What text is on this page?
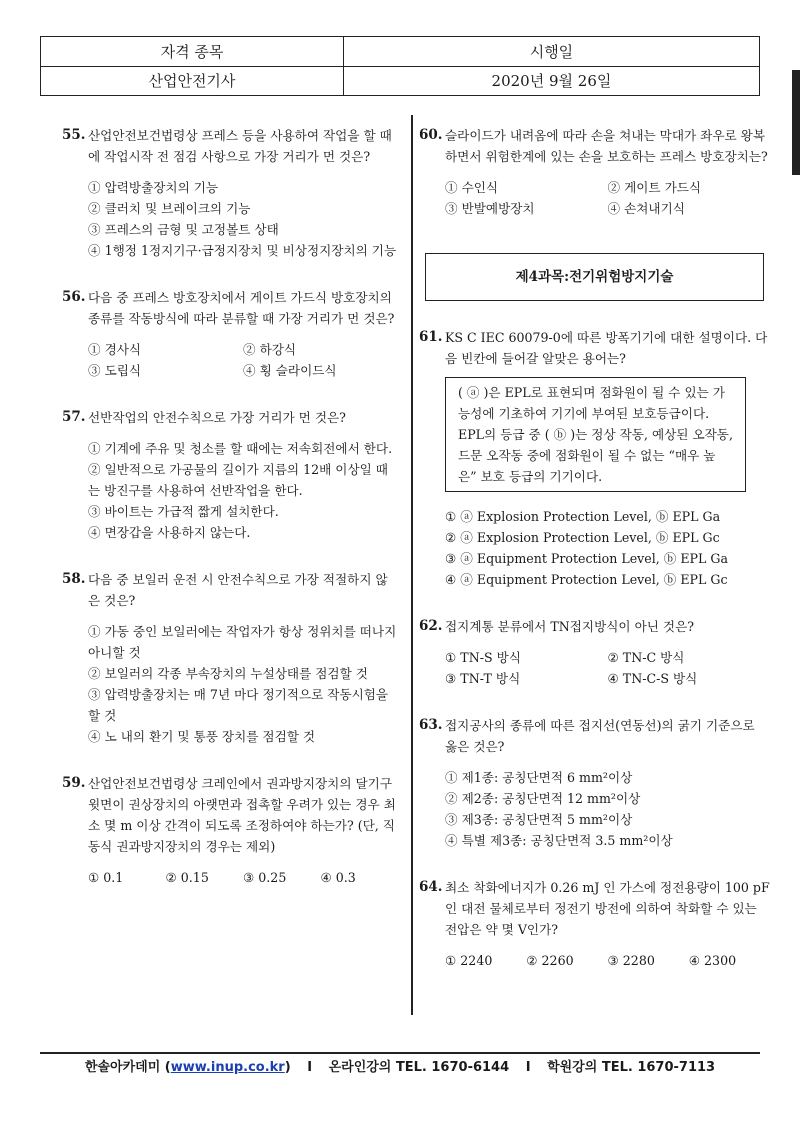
자격 종목	시행일
산업안전기사	2020년 9월 26일
55. 산업안전보건법령상 프레스 등을 사용하여 작업을 할 때에 작업시작 전 점검 사항으로 가장 거리가 먼 것은?
① 압력방출장치의 기능
② 클러치 및 브레이크의 기능
③ 프레스의 금형 및 고정볼트 상태
④ 1행정 1정지기구·급정지장치 및 비상정지장치의 기능
56. 다음 중 프레스 방호장치에서 게이트 가드식 방호장치의 종류를 작동방식에 따라 분류할 때 가장 거리가 먼 것은?
① 경사식	② 하강식
③ 도립식	④ 횡 슬라이드식
57. 선반작업의 안전수칙으로 가장 거리가 먼 것은?
① 기계에 주유 및 청소를 할 때에는 저속회전에서 한다.
② 일반적으로 가공물의 길이가 지름의 12배 이상일 때는 방진구를 사용하여 선반작업을 한다.
③ 바이트는 가급적 짧게 설치한다.
④ 면장갑을 사용하지 않는다.
58. 다음 중 보일러 운전 시 안전수칙으로 가장 적절하지 않은 것은?
① 가동 중인 보일러에는 작업자가 항상 정위치를 떠나지 아니할 것
② 보일러의 각종 부속장치의 누설상태를 점검할 것
③ 압력방출장치는 매 7년 마다 정기적으로 작동시험을 할 것
④ 노 내의 환기 및 통풍 장치를 점검할 것
59. 산업안전보건법령상 크레인에서 권과방지장치의 달기구 윗면이 권상장치의 아랫면과 접촉할 우려가 있는 경우 최소 몇 m 이상 간격이 되도록 조정하여야 하는가? (단, 직동식 권과방지장치의 경우는 제외)
① 0.1	② 0.15	③ 0.25	④ 0.3
60. 슬라이드가 내려옴에 따라 손을 쳐내는 막대가 좌우로 왕복하면서 위험한계에 있는 손을 보호하는 프레스 방호장치는?
① 수인식	② 게이트 가드식
③ 반발예방장치	④ 손쳐내기식
제4과목:전기위험방지기술
61. KS C IEC 60079-0에 따른 방폭기기에 대한 설명이다. 다음 빈칸에 들어갈 알맞은 용어는?
( ⓐ )은 EPL로 표현되며 점화원이 될 수 있는 가능성에 기초하여 기기에 부여된 보호등급이다. EPL의 등급 중 ( ⓑ )는 정상 작동, 예상된 오작동, 드문 오작동 중에 점화원이 될 수 없는 “매우 높은” 보호 등급의 기기이다.
① ⓐ Explosion Protection Level, ⓑ EPL Ga
② ⓐ Explosion Protection Level, ⓑ EPL Gc
③ ⓐ Equipment Protection Level, ⓑ EPL Ga
④ ⓐ Equipment Protection Level, ⓑ EPL Gc
62. 접지계통 분류에서 TN접지방식이 아닌 것은?
① TN-S 방식	② TN-C 방식
③ TN-T 방식	④ TN-C-S 방식
63. 접지공사의 종류에 따른 접지선(연동선)의 굵기 기준으로 옳은 것은?
① 제1종: 공칭단면적 6 mm²이상
② 제2종: 공칭단면적 12 mm²이상
③ 제3종: 공칭단면적 5 mm²이상
④ 특별 제3종: 공칭단면적 3.5 mm²이상
64. 최소 착화에너지가 0.26 mJ 인 가스에 정전용량이 100 pF 인 대전 물체로부터 정전기 방전에 의하여 착화할 수 있는 전압은 약 몇 V인가?
① 2240	② 2260	③ 2280	④ 2300
한솔아카데미 (www.inup.co.kr) I 온라인강의 TEL. 1670-6144 I 학원강의 TEL. 1670-7113
